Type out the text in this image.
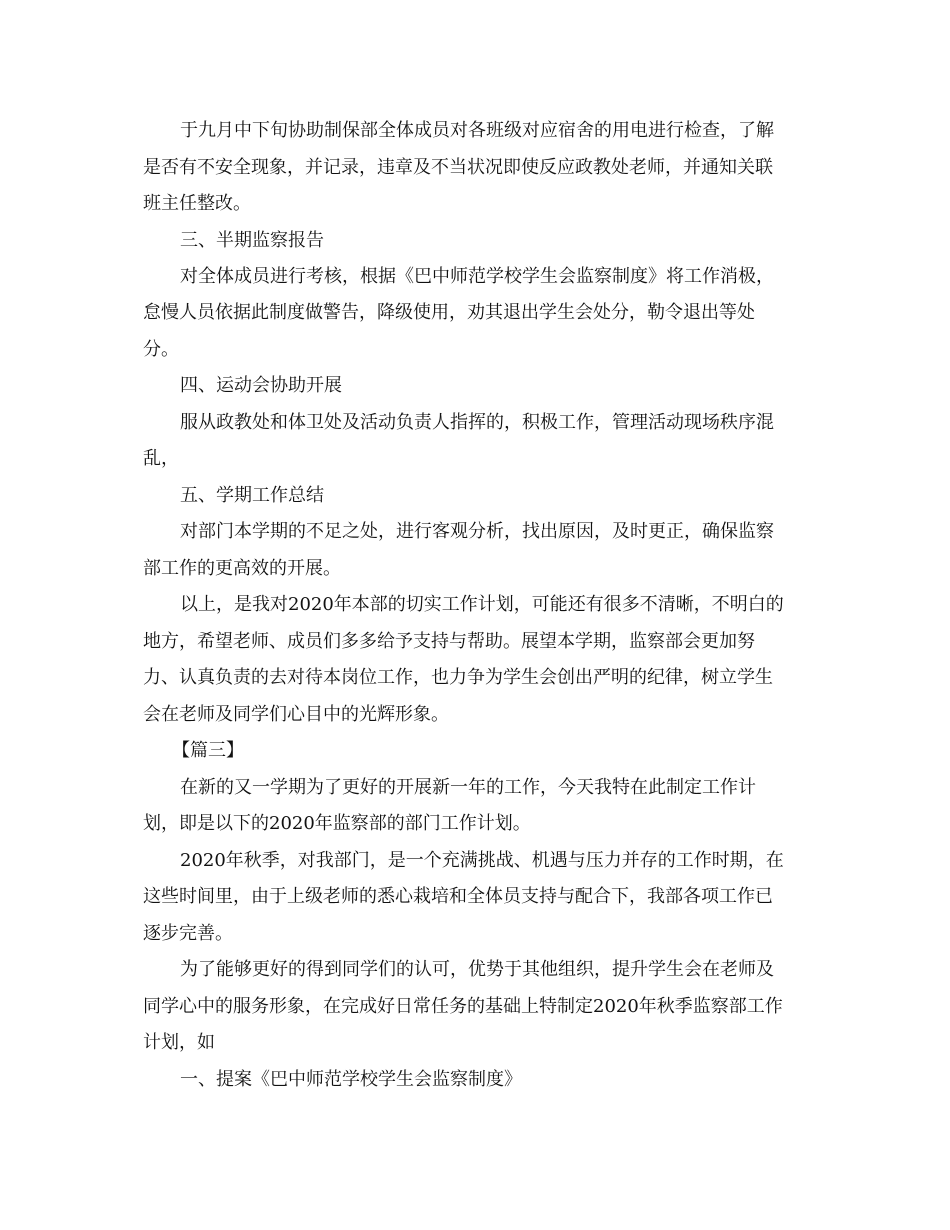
于九月中下旬协助制保部全体成员对各班级对应宿舍的用电进行检查，了解
是否有不安全现象，并记录，违章及不当状况即使反应政教处老师，并通知关联
班主任整改。
三、半期监察报告
对全体成员进行考核，根据《巴中师范学校学生会监察制度》将工作消极，
怠慢人员依据此制度做警告，降级使用，劝其退出学生会处分，勒令退出等处
分。
四、运动会协助开展
服从政教处和体卫处及活动负责人指挥的，积极工作，管理活动现场秩序混
乱，
五、学期工作总结
对部门本学期的不足之处，进行客观分析，找出原因，及时更正，确保监察
部工作的更高效的开展。
以上，是我对2020年本部的切实工作计划，可能还有很多不清晰，不明白的
地方，希望老师、成员们多多给予支持与帮助。展望本学期，监察部会更加努
力、认真负责的去对待本岗位工作，也力争为学生会创出严明的纪律，树立学生
会在老师及同学们心目中的光辉形象。
【篇三】
在新的又一学期为了更好的开展新一年的工作，今天我特在此制定工作计
划，即是以下的2020年监察部的部门工作计划。
2020年秋季，对我部门，是一个充满挑战、机遇与压力并存的工作时期，在
这些时间里，由于上级老师的悉心栽培和全体员支持与配合下，我部各项工作已
逐步完善。
为了能够更好的得到同学们的认可，优势于其他组织，提升学生会在老师及
同学心中的服务形象，在完成好日常任务的基础上特制定2020年秋季监察部工作
计划，如
一、提案《巴中师范学校学生会监察制度》
